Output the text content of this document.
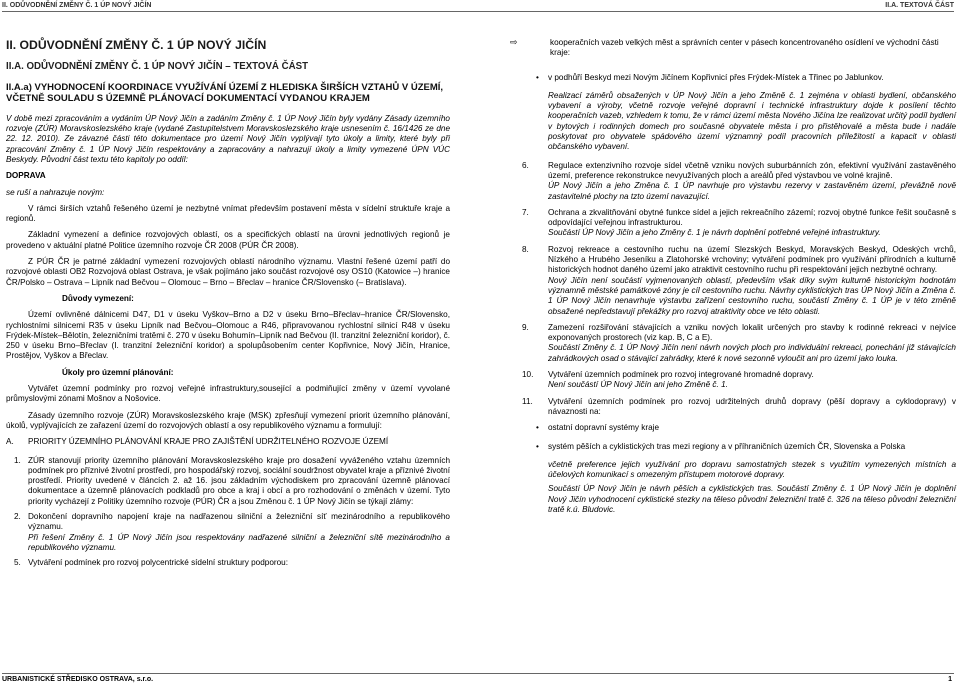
II. ODŮVODNĚNÍ ZMĚNY Č. 1 ÚP NOVÝ JIČÍN	II.A. TEXTOVÁ ČÁST
II. ODŮVODNĚNÍ ZMĚNY Č. 1 ÚP NOVÝ JIČÍN
II.A. ODŮVODNĚNÍ ZMĚNY Č. 1 ÚP NOVÝ JIČÍN – TEXTOVÁ ČÁST
II.A.a) VYHODNOCENÍ KOORDINACE VYUŽÍVÁNÍ ÚZEMÍ Z HLEDISKA ŠIRŠÍCH VZTAHŮ V ÚZEMÍ, VČETNĚ SOULADU S ÚZEMNĚ PLÁNOVACÍ DOKUMENTACÍ VYDANOU KRAJEM

V době mezi zpracováním a vydáním ÚP Nový Jičín a zadáním Změny č. 1 ÚP Nový Jičín byly vydány Zásady územního rozvoje (ZÚR) Moravskoslezského kraje (vydané Zastupitelstvem Moravskoslezského kraje usnesením č. 16/1426 ze dne 22. 12. 2010). Ze závazné části této dokumentace pro území Nový Jičín vyplývají tyto úkoly a limity, které byly při zpracování Změny č. 1 ÚP Nový Jičín respektovány a zapracovány a nahrazují úkoly a limity vymezené ÚPN VÚC Beskydy. Původní část textu této kapitoly po oddíl:

DOPRAVA

se ruší a nahrazuje novým:

V rámci širších vztahů řešeného území je nezbytné vnímat především postavení města v sídelní struktuře kraje a regionů.

Základní vymezení a definice rozvojových oblastí, os a specifických oblastí na úrovni jednotlivých regionů je provedeno v aktuální platné Politice územního rozvoje ČR 2008 (PÚR ČR 2008).

Z PÚR ČR je patrné základní vymezení rozvojových oblastí národního významu. Vlastní řešené území patří do rozvojové oblasti OB2 Rozvojová oblast Ostrava, je však pojímáno jako součást rozvojové osy OS10 (Katowice –) hranice ČR/Polsko – Ostrava – Lipník nad Bečvou – Olomouc – Brno – Břeclav – hranice ČR/Slovensko (– Bratislava).

Důvody vymezení:

Území ovlivněné dálnicemi D47, D1 v úseku Vyškov–Brno a D2 v úseku Brno–Břeclav–hranice ČR/Slovensko, rychlostními silnicemi R35 v úseku Lipník nad Bečvou–Olomouc a R46, připravovanou rychlostní silnicí R48 v úseku Frýdek-Místek–Bělotín, železničními tratěmi č. 270 v úseku Bohumín–Lipník nad Bečvou (II. tranzitní železniční koridor), č. 250 v úseku Brno–Břeclav (I. tranzitní železniční koridor) a spolupůsobením center Kopřivnice, Nový Jičín, Hranice, Prostějov, Vyškov a Břeclav.

Úkoly pro územní plánování:

Vytvářet územní podmínky pro rozvoj veřejné infrastruktury,sousející a podmiňující změny v území vyvolané průmyslovými zónami Mošnov a Nošovice.

Zásady územního rozvoje (ZÚR) Moravskoslezského kraje (MSK) zpřesňují vymezení priorit územního plánování, úkolů, vyplývajících ze zařazení území do rozvojových oblastí a osy republikového významu a formulují:

A. PRIORITY ÚZEMNÍHO PLÁNOVÁNÍ KRAJE PRO ZAJIŠTĚNÍ UDRŽITELNÉHO ROZVOJE ÚZEMÍ
1. ZÚR stanovují priority územního plánování Moravskoslezského kraje pro dosažení vyváženého vztahu územních podmínek pro příznivé životní prostředí, pro hospodářský rozvoj, sociální soudržnost obyvatel kraje a příznivé životní prostředí. Priority uvedené v článcích 2. až 16. jsou základním východiskem pro zpracování územně plánovací dokumentace a územně plánovacích podkladů pro obce a kraj i obcí a pro rozhodování o změnách v území. Tyto priority vycházejí z Politiky územního rozvoje (PÚR) ČR a jsou Změnou č. 1 ÚP Nový Jičín se týkají zlámy:
2. Dokončení dopravního napojení kraje na nadřazenou silniční a železniční síť mezinárodního a republikového významu.
Při řešení Změny č. 1 ÚP Nový Jičín jsou respektovány nadřazené silniční a železniční sítě mezinárodního a republikového významu.
5. Vytváření podmínek pro rozvoj polycentrické sídelní struktury podporou:
⇨	kooperačních vazeb velkých měst a správních center v pásech koncentrovaného osídlení ve východní části kraje:
• v podhůří Beskyd mezi Novým Jičínem Kopřivnicí přes Frýdek-Místek a Třinec po Jablunkov.

Realizací záměrů obsažených v ÚP Nový Jičín a jeho Změně č. 1 zejména v oblasti bydlení, občanského vybavení a výroby, včetně rozvoje veřejné dopravní i technické infrastruktury dojde k posílení těchto kooperačních vazeb, vzhledem k tomu, že v rámci území města Nového Jičína lze realizovat určitý podíl bydlení v bytových i rodinných domech pro současné obyvatele města i pro přistěhovalé a města bude i nadále poskytovat pro obyvatele spádového území významný podíl pracovních příležitostí a kapacit v oblasti občanského vybavení.

6. Regulace extenzivního rozvoje sídel včetně vzniku nových suburbánních zón, efektivní využívání zastavěného území, preference rekonstrukce nevyužívaných ploch a areálů před výstavbou ve volné krajině.
ÚP Nový Jičín a jeho Změna č. 1 ÚP navrhuje pro výstavbu rezervy v zastavěném území, převážně nově zastavitelné plochy na tzto území navazující.
7. Ochrana a zkvalitňování obytné funkce sídel a jejich rekreačního zázemí; rozvoj obytné funkce řešit současně s odpovídající veřejnou infrastrukturou.
Součástí ÚP Nový Jičín a jeho Změny č. 1 je návrh doplnění potřebné veřejné infrastruktury.
8. Rozvoj rekreace a cestovního ruchu na území Slezských Beskyd, Moravských Beskyd, Odeských vrchů, Nízkého a Hrubého Jeseníku a Zlatohorské vrchoviny; vytváření podmínek pro využívání přírodních a kulturně historických hodnot daného území jako atraktivit cestovního ruchu při respektování jejich nezbytné ochrany.
Nový Jičín není součástí vyjmenovaných oblastí, především však díky svým kulturně historickým hodnotám významně městské památkové zóny je cíl cestovního ruchu. Návrhy cyklistických tras ÚP Nový Jičín a Změna č. 1 ÚP Nový Jičín nenavrhuje výstavbu zařízení cestovního ruchu, součástí Změny č. 1 ÚP je v této změně obsažené nepředstavují překážky pro rozvoj atraktivity obce ve této oblasti.
9. Zamezení rozšiřování stávajících a vzniku nových lokalit určených pro stavby k rodinné rekreaci v nejvíce exponovaných prostorech (viz kap. B, C a E).
Součástí Změny č. 1 ÚP Nový Jičín není návrh nových ploch pro individuální rekreaci, ponechání již stávajících zahrádkových osad o stávající zahrádky, které k nové sezonně vyloučit ani pro území jako louka.
10. Vytváření územních podmínek pro rozvoj integrované hromadné dopravy.
Není součástí ÚP Nový Jičín ani jeho Změně č. 1.
11. Vytváření územních podmínek pro rozvoj udržitelných druhů dopravy (pěší dopravy a cyklodopravy) v návaznosti na:
• ostatní dopravní systémy kraje
• systém pěších a cyklistických tras mezi regiony a v příhraničních územích ČR, Slovenska a Polska

včetně preference jejich využívání pro dopravu samostatných stezek s využitím vymezených místních a účelových komunikací s omezeným přístupem motorové dopravy.

Součástí ÚP Nový Jičín je návrh pěších a cyklistických tras. Součástí Změny č. 1 ÚP Nový Jičín je doplnění Nový Jičín vyhodnocení cyklistické stezky na těleso původní železniční tratě č. 326 na těleso původní železniční tratě k.ú. Bludovic.

URBANISTICKÉ STŘEDISKO OSTRAVA, s.r.o.	1
